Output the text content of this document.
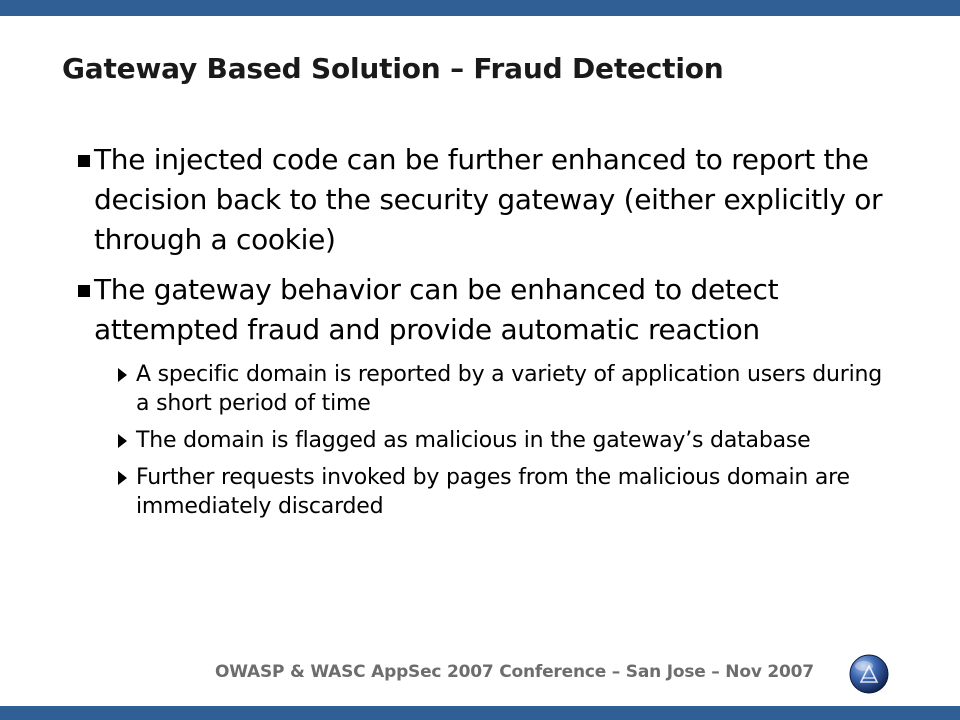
Gateway Based Solution – Fraud Detection
The injected code can be further enhanced to report the decision back to the security gateway (either explicitly or through a cookie)
The gateway behavior can be enhanced to detect attempted fraud and provide automatic reaction
A specific domain is reported by a variety of application users during a short period of time
The domain is flagged as malicious in the gateway’s database
Further requests invoked by pages from the malicious domain are immediately discarded
OWASP & WASC AppSec 2007 Conference – San Jose – Nov 2007
